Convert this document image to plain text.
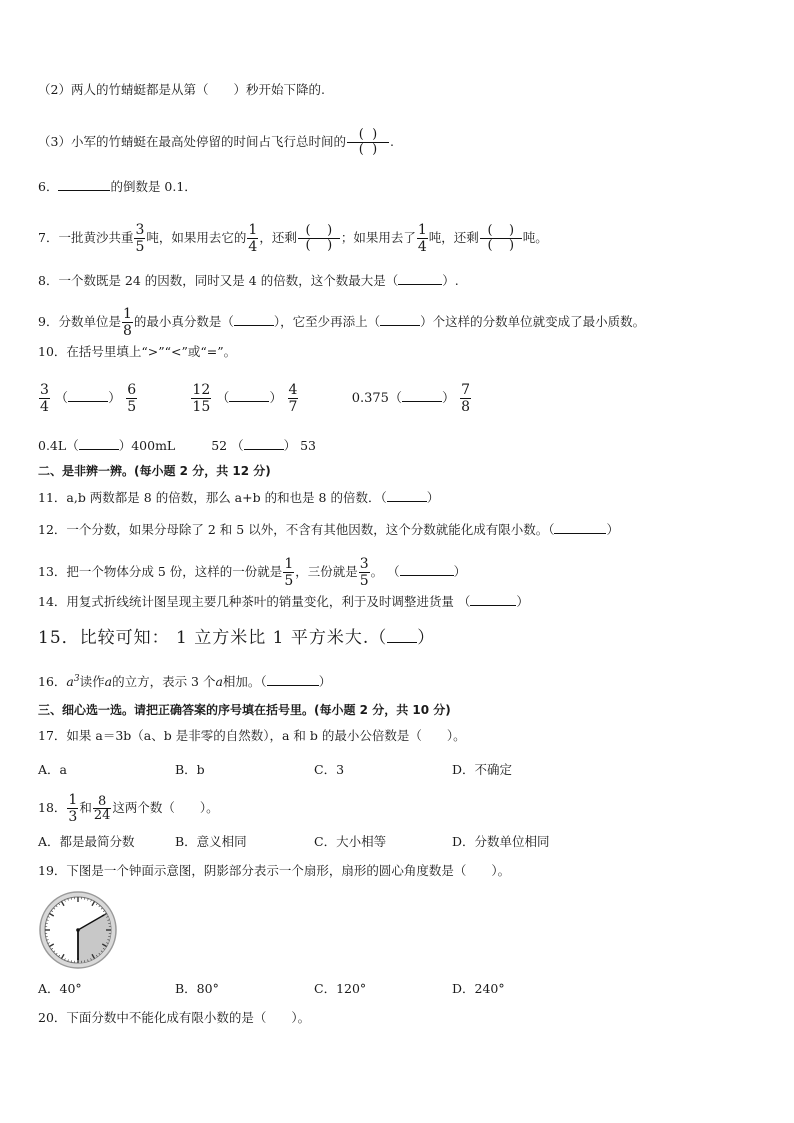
（2）两人的竹蜻蜓都是从第（　　）秒开始下降的.
（3）小军的竹蜻蜓在最高处停留的时间占飞行总时间的 $\frac{( )}{( )}$ .
6．	的倒数是 0.1．
7．一批黄沙共重 $\frac{3}{5}$ 吨，如果用去它的 $\frac{1}{4}$ ，还剩 $\frac{( )}{( )}$ ；如果用去了 $\frac{1}{4}$ 吨，还剩 $\frac{( )}{( )}$ 吨。
8．一个数既是 24 的因数，同时又是 4 的倍数，这个数最大是（	）.
9．分数单位是 $\frac{1}{8}$ 的最小真分数是（	），它至少再添上（	）个这样的分数单位就变成了最小质数。
10．在括号里填上“>”“<”或“=”。
$\frac{3}{4}$ （	） $\frac{6}{5}$
	$\frac{12}{15}$ （	） $\frac{4}{7}$	0.375（	） $\frac{7}{8}$
0.4L（	）400mL	52 （	） 53
二、是非辨一辨。(每小题 2 分，共 12 分)
11．a,b 两数都是 8 的倍数，那么 a+b 的和也是 8 的倍数．（	）
12．一个分数，如果分母除了 2 和 5 以外，不含有其他因数，这个分数就能化成有限小数。（	）
13．把一个物体分成 5 份，这样的一份就是 $\frac{1}{5}$ ，三份就是 $\frac{3}{5}$ 。 （	）
14．用复式折线统计图呈现主要几种茶叶的销量变化，利于及时调整进货量 （	）
15．比较可知： 1 立方米比 1 平方米大.（ ）
16．$a^3$读作a的立方，表示 3 个a相加。（	）
三、细心选一选。请把正确答案的序号填在括号里。(每小题 2 分，共 10 分)
17．如果 a＝3b（a、b 是非零的自然数），a 和 b 的最小公倍数是（　　）。
A．a	B．b	C．3	D．不确定
18． $\frac{1}{3}$ 和 $\frac{8}{24}$ 这两个数（　　）。
A．都是最简分数	B．意义相同	C．大小相等	D．分数单位相同
19．下图是一个钟面示意图，阴影部分表示一个扇形，扇形的圆心角度数是（　　）。
A．40°	B．80°	C．120°	D．240°
20．下面分数中不能化成有限小数的是（　　）。
